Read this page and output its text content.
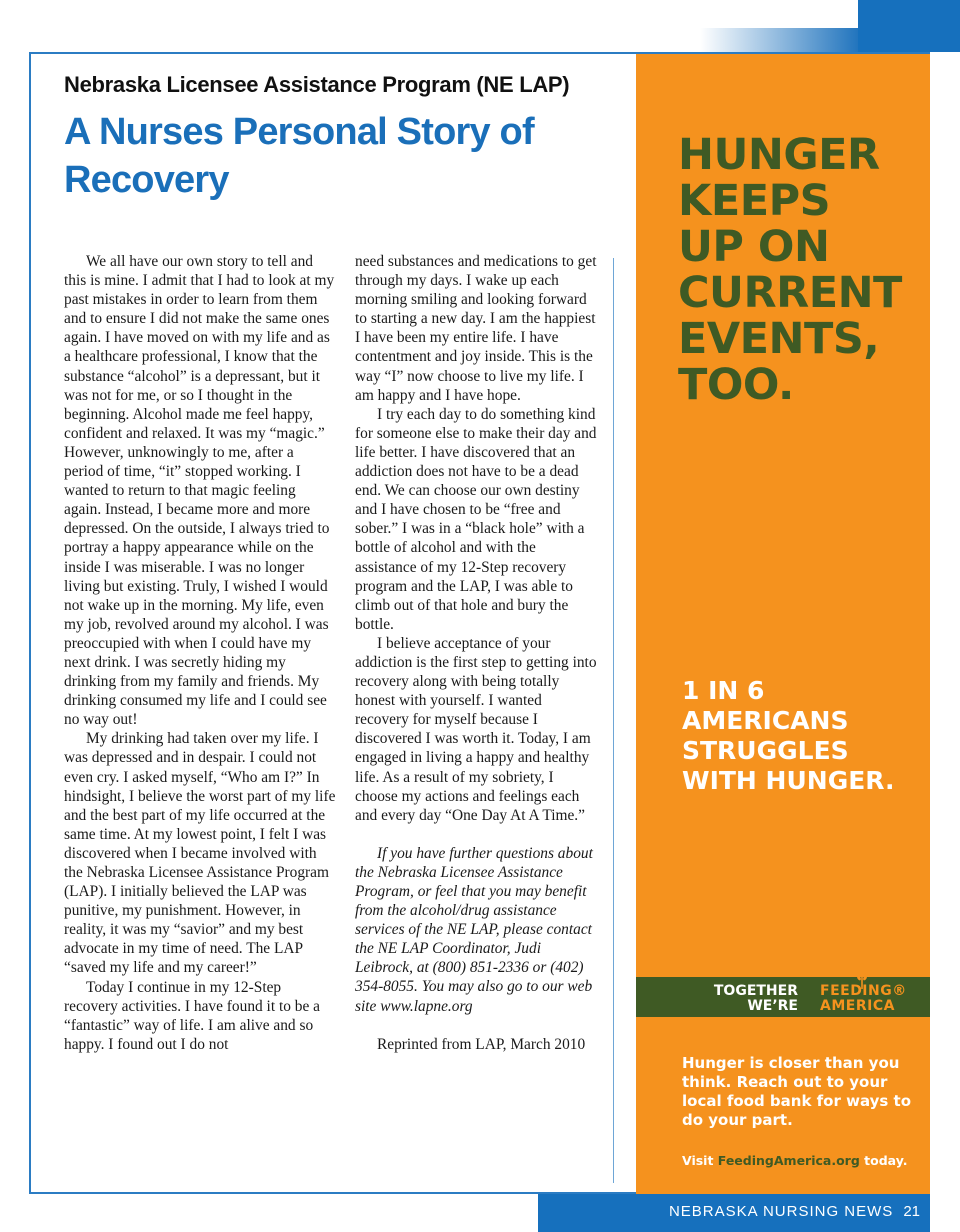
Nebraska Licensee Assistance Program (NE LAP)
A Nurses Personal Story of Recovery

We all have our own story to tell and this is mine. I admit that I had to look at my past mistakes in order to learn from them and to ensure I did not make the same ones again. I have moved on with my life and as a healthcare professional, I know that the substance “alcohol” is a depressant, but it was not for me, or so I thought in the beginning. Alcohol made me feel happy, confident and relaxed. It was my “magic.” However, unknowingly to me, after a period of time, “it” stopped working. I wanted to return to that magic feeling again. Instead, I became more and more depressed. On the outside, I always tried to portray a happy appearance while on the inside I was miserable. I was no longer living but existing. Truly, I wished I would not wake up in the morning. My life, even my job, revolved around my alcohol. I was preoccupied with when I could have my next drink. I was secretly hiding my drinking from my family and friends. My drinking consumed my life and I could see no way out!

My drinking had taken over my life. I was depressed and in despair. I could not even cry. I asked myself, “Who am I?” In hindsight, I believe the worst part of my life and the best part of my life occurred at the same time. At my lowest point, I felt I was discovered when I became involved with the Nebraska Licensee Assistance Program (LAP). I initially believed the LAP was punitive, my punishment. However, in reality, it was my “savior” and my best advocate in my time of need. The LAP “saved my life and my career!”

Today I continue in my 12-Step recovery activities. I have found it to be a “fantastic” way of life. I am alive and so happy. I found out I do not

need substances and medications to get through my days. I wake up each morning smiling and looking forward to starting a new day. I am the happiest I have been my entire life. I have contentment and joy inside. This is the way “I” now choose to live my life. I am happy and I have hope.

I try each day to do something kind for someone else to make their day and life better. I have discovered that an addiction does not have to be a dead end. We can choose our own destiny and I have chosen to be “free and sober.” I was in a “black hole” with a bottle of alcohol and with the assistance of my 12-Step recovery program and the LAP, I was able to climb out of that hole and bury the bottle.

I believe acceptance of your addiction is the first step to getting into recovery along with being totally honest with yourself. I wanted recovery for myself because I discovered I was worth it. Today, I am engaged in living a happy and healthy life. As a result of my sobriety, I choose my actions and feelings each and every day “One Day At A Time.”

If you have further questions about the Nebraska Licensee Assistance Program, or feel that you may benefit from the alcohol/drug assistance services of the NE LAP, please contact the NE LAP Coordinator, Judi Leibrock, at (800) 851-2336 or (402) 354-8055. You may also go to our web site www.lapne.org

Reprinted from LAP, March 2010

HUNGER
KEEPS
UP ON
CURRENT
EVENTS,
TOO.

1 IN 6
AMERICANS
STRUGGLES
WITH HUNGER.

TOGETHER
WE’RE
FEEDING®
AMERICA

Hunger is closer than you think. Reach out to your local food bank for ways to do your part.

Visit FeedingAmerica.org today.

NEBRASKA NURSING NEWS 21
